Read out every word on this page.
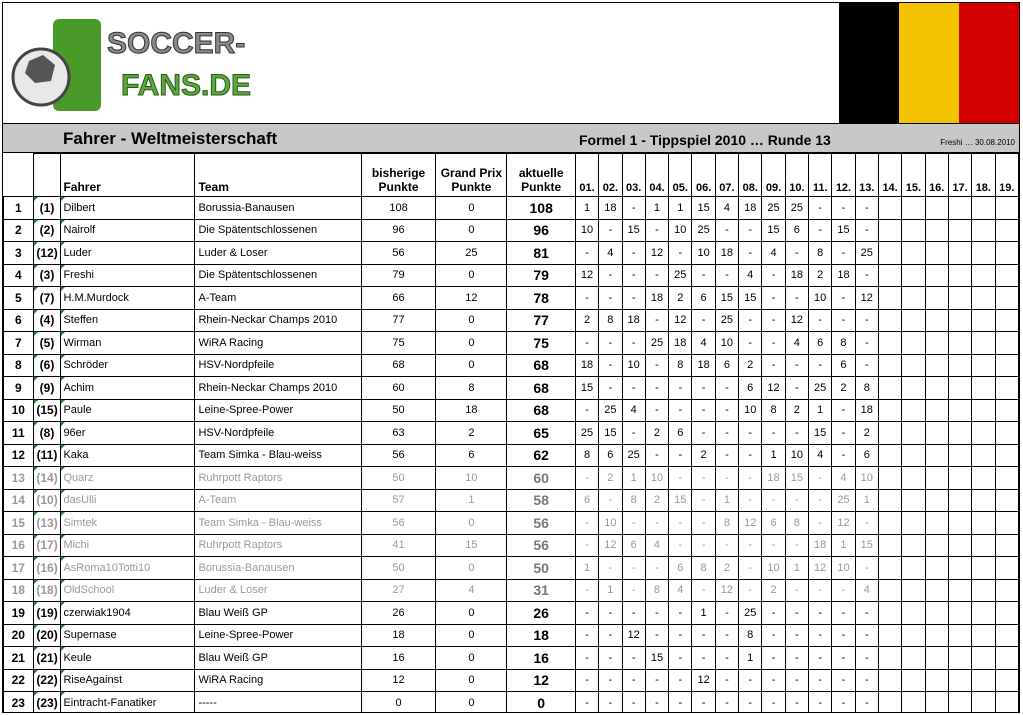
SOCCER-
FANS.DE
Fahrer - Weltmeisterschaft	Formel 1 - Tippspiel 2010 … Runde 13	Freshi … 30.08.2010
		Fahrer	Team	bisherige Punkte	Grand Prix Punkte	aktuelle Punkte	01.	02.	03.	04.	05.	06.	07.	08.	09.	10.	11.	12.	13.	14.	15.	16.	17.	18.	19.
1	(1)	Dilbert	Borussia-Banausen	108	0	108	1	18	-	1	1	15	4	18	25	25	-	-	-						
2	(2)	Nairolf	Die Spätentschlossenen	96	0	96	10	-	15	-	10	25	-	-	15	6	-	15	-						
3	(12)	Luder	Luder & Loser	56	25	81	-	4	-	12	-	10	18	-	4	-	8	-	25						
4	(3)	Freshi	Die Spätentschlossenen	79	0	79	12	-	-	-	25	-	-	4	-	18	2	18	-						
5	(7)	H.M.Murdock	A-Team	66	12	78	-	-	-	18	2	6	15	15	-	-	10	-	12						
6	(4)	Steffen	Rhein-Neckar Champs 2010	77	0	77	2	8	18	-	12	-	25	-	-	12	-	-	-						
7	(5)	Wirman	WiRA Racing	75	0	75	-	-	-	25	18	4	10	-	-	4	6	8	-						
8	(6)	Schröder	HSV-Nordpfeile	68	0	68	18	-	10	-	8	18	6	2	-	-	-	6	-						
9	(9)	Achim	Rhein-Neckar Champs 2010	60	8	68	15	-	-	-	-	-	-	6	12	-	25	2	8						
10	(15)	Paule	Leine-Spree-Power	50	18	68	-	25	4	-	-	-	-	10	8	2	1	-	18						
11	(8)	96er	HSV-Nordpfeile	63	2	65	25	15	-	2	6	-	-	-	-	-	15	-	2						
12	(11)	Kaka	Team Simka - Blau-weiss	56	6	62	8	6	25	-	-	2	-	-	1	10	4	-	6						
13	(14)	Quarz	Ruhrpott Raptors	50	10	60	-	2	1	10	-	-	-	-	18	15	-	4	10						
14	(10)	dasUlli	A-Team	57	1	58	6	-	8	2	15	-	1	-	-	-	-	25	1						
15	(13)	Simtek	Team Simka - Blau-weiss	56	0	56	-	10	-	-	-	-	8	12	6	8	-	12	-						
16	(17)	Michi	Ruhrpott Raptors	41	15	56	-	12	6	4	-	-	-	-	-	-	18	1	15						
17	(16)	AsRoma10Totti10	Borussia-Banausen	50	0	50	1	-	-	-	6	8	2	-	10	1	12	10	-						
18	(18)	OldSchool	Luder & Loser	27	4	31	-	1	-	8	4	-	12	-	2	-	-	-	4						
19	(19)	czerwiak1904	Blau Weiß GP	26	0	26	-	-	-	-	-	1	-	25	-	-	-	-	-						
20	(20)	Supernase	Leine-Spree-Power	18	0	18	-	-	12	-	-	-	-	8	-	-	-	-	-						
21	(21)	Keule	Blau Weiß GP	16	0	16	-	-	-	15	-	-	-	1	-	-	-	-	-						
22	(22)	RiseAgainst	WiRA Racing	12	0	12	-	-	-	-	-	12	-	-	-	-	-	-	-						
23	(23)	Eintracht-Fanatiker	-----	0	0	0	-	-	-	-	-	-	-	-	-	-	-	-	-						
